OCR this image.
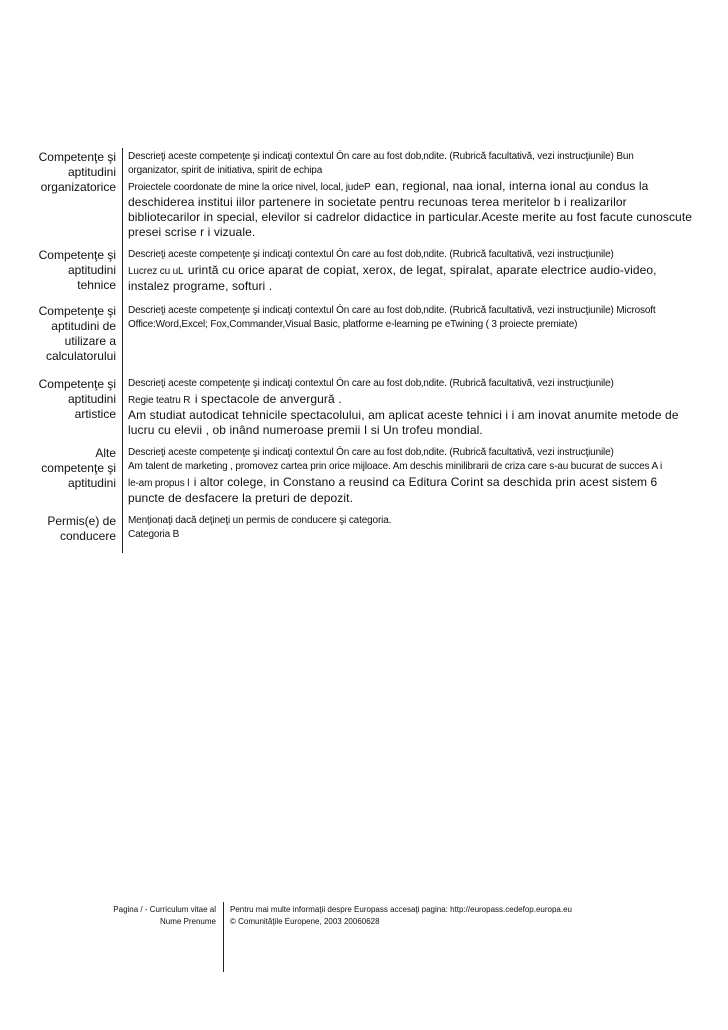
Competenţe şi
aptitudini
organizatorice
Descrieţi aceste competenţe şi indicaţi contextul Ón care au fost dob‚ndite. (Rubrică facultativă, vezi instrucţiunile) Bun
organizator, spirit de initiativa, spirit de echipa
Proiectele coordonate de mine la orice nivel, local, judeP ean, regional, naa ional, interna ional au condus la
deschiderea institui iilor partenere in societate pentru recunoas terea meritelor b i realizarilor
bibliotecarilor in special, elevilor si cadrelor didactice in particular.Aceste merite au fost facute cunoscute
presei scrise r i vizuale.
Competenţe şi
aptitudini
tehnice
Descrieţi aceste competenţe şi indicaţi contextul Ón care au fost dob‚ndite. (Rubrică facultativă, vezi instrucţiunile)
Lucrez cu uL urintă cu orice aparat de copiat, xerox, de legat, spiralat, aparate electrice audio-video,
instalez programe, softuri .
Competenţe şi
aptitudini de
utilizare a
calculatorului
Descrieţi aceste competenţe şi indicaţi contextul Ón care au fost dob‚ndite. (Rubrică facultativă, vezi instrucţiunile) Microsoft
Office:Word,Excel; Fox,Commander,Visual Basic, platforme e-learning pe eTwining ( 3 proiecte premiate)
Competenţe şi
aptitudini
artistice
Descrieţi aceste competenţe şi indicaţi contextul Ón care au fost dob‚ndite. (Rubrică facultativă, vezi instrucţiunile)
Regie teatru R i spectacole de anvergură .
Am studiat autodicat tehnicile spectacolului, am aplicat aceste tehnici i i am inovat anumite metode de
lucru cu elevii , ob inând numeroase premii I si Un trofeu mondial.
Alte
competenţe şi
aptitudini
Descrieţi aceste competenţe şi indicaţi contextul Ón care au fost dob‚ndite. (Rubrică facultativă, vezi instrucţiunile)
Am talent de marketing , promovez cartea prin orice mijloace. Am deschis minilibrarii de criza care s-au bucurat de succes A i
le-am propus l i altor colege, in Constano a reusind ca Editura Corint sa deschida prin acest sistem 6
puncte de desfacere la preturi de depozit.
Permis(e) de
conducere
Menţionaţi dacă deţineţi un permis de conducere şi categoria.
Categoria B
Pagina / - Curriculum vitae al
Nume Prenume
Pentru mai multe informaţii despre Europass accesaţi pagina: http://europass.cedefop.europa.eu
© Comunităţile Europene, 2003 20060628
